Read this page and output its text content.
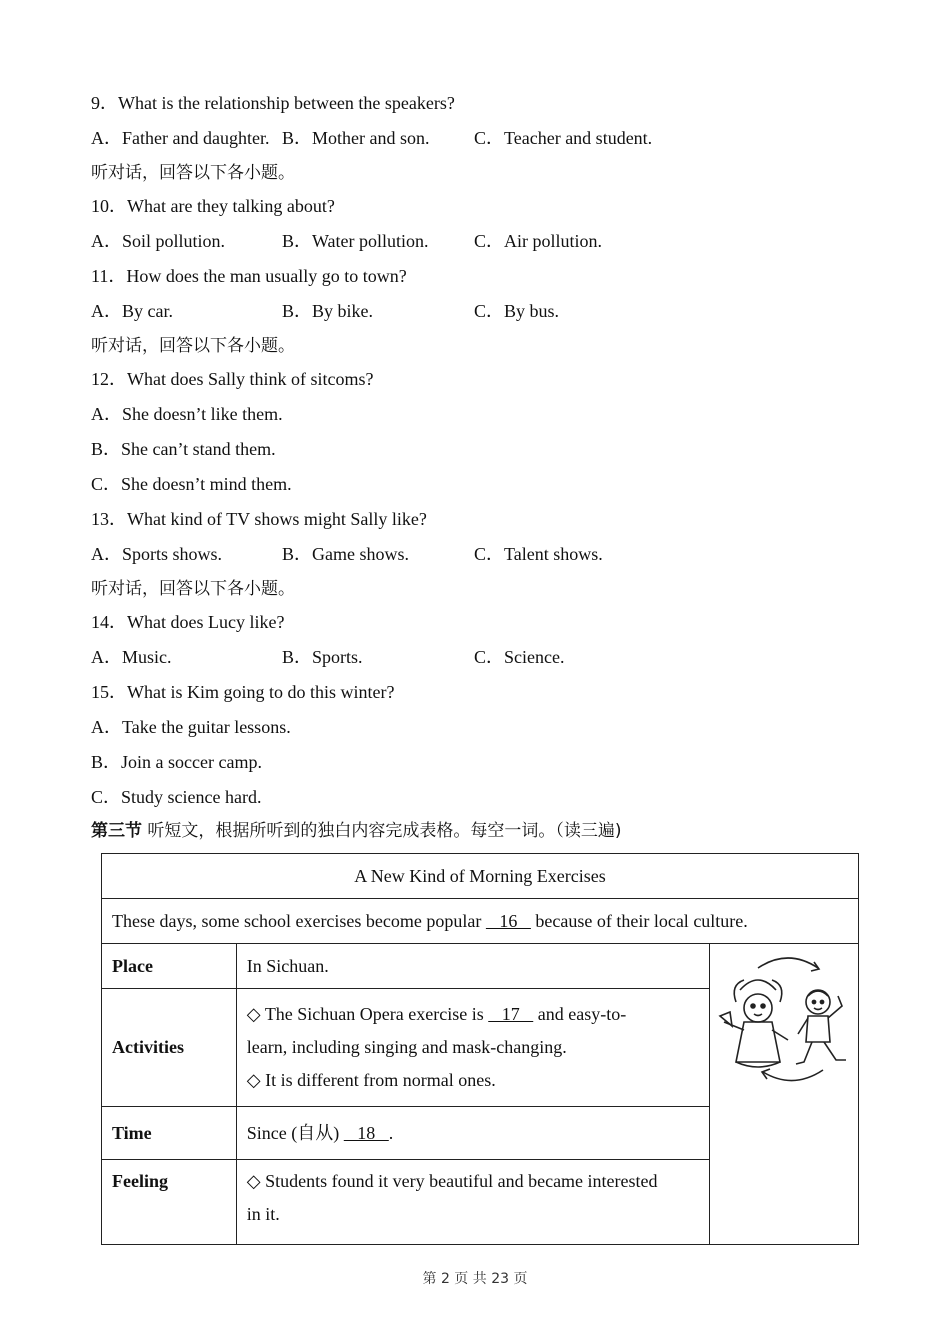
9．What is the relationship between the speakers?
A．Father and daughter. B．Mother and son. C．Teacher and student.
听对话，回答以下各小题。
10．What are they talking about?
A．Soil pollution.	B．Water pollution.	C．Air pollution.
11．How does the man usually go to town?
A．By car.	B．By bike.	C．By bus.
听对话，回答以下各小题。
12．What does Sally think of sitcoms?
A．She doesn’t like them.
B．She can’t stand them.
C．She doesn’t mind them.
13．What kind of TV shows might Sally like?
A．Sports shows.	B．Game shows.	C．Talent shows.
听对话，回答以下各小题。
14．What does Lucy like?
A．Music.	B．Sports.	C．Science.
15．What is Kim going to do this winter?
A．Take the guitar lessons.
B．Join a soccer camp.
C．Study science hard.
第三节 听短文，根据所听到的独白内容完成表格。每空一词。（读三遍)
A New Kind of Morning Exercises		
These days, some school exercises become popular    16    because of their local culture.		
Place	In Sichuan.	

Activities	◇ The Sichuan Opera exercise is    17    and easy-to-
learn, including singing and mask-changing.
◇ It is different from normal ones.	

Time	Since (自从)    18   .	
Feeling	◇ Students found it very beautiful and became interested
in it.	
第 2 页 共 23 页
